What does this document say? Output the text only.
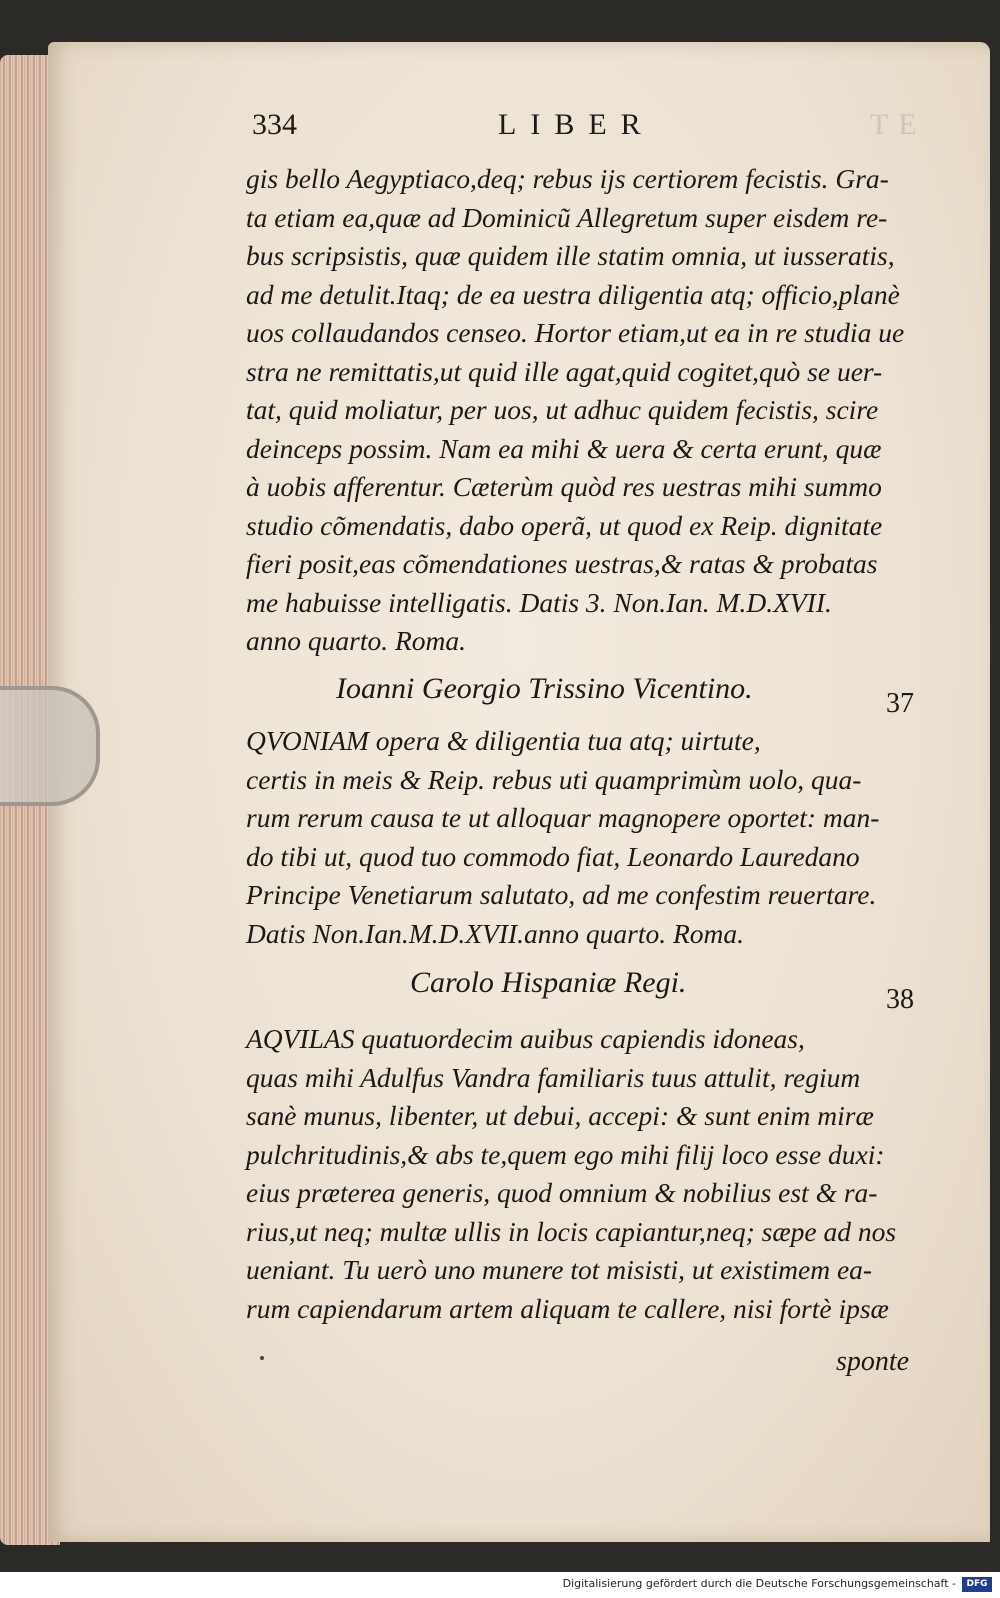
TE
334	LIBER
gis bello Aegyptiaco,deq; rebus ijs certiorem fecistis. Gra-
ta etiam ea,quæ ad Dominicũ Allegretum super eisdem re-
bus scripsistis, quæ quidem ille statim omnia, ut iusseratis,
ad me detulit.Itaq; de ea uestra diligentia atq; officio,planè
uos collaudandos censeo. Hortor etiam,ut ea in re studia ue
stra ne remittatis,ut quid ille agat,quid cogitet,quò se uer-
tat, quid moliatur, per uos, ut adhuc quidem fecistis, scire
deinceps possim. Nam ea mihi & uera & certa erunt, quæ
à uobis afferentur. Cæterùm quòd res uestras mihi summo
studio cõmendatis, dabo operã, ut quod ex Reip. dignitate
fieri posit,eas cõmendationes uestras,& ratas & probatas
me habuisse intelligatis. Datis 3. Non.Ian. M.D.XVII.
anno quarto. Roma.
Ioanni Georgio Trissino Vicentino.	37
QVONIAM opera & diligentia tua atq; uirtute,
certis in meis & Reip. rebus uti quamprimùm uolo, qua-
rum rerum causa te ut alloquar magnopere oportet: man-
do tibi ut, quod tuo commodo fiat, Leonardo Lauredano
Principe Venetiarum salutato, ad me confestim reuertare.
Datis Non.Ian.M.D.XVII.anno quarto. Roma.
Carolo Hispaniæ Regi.
38
AQVILAS quatuordecim auibus capiendis idoneas,
quas mihi Adulfus Vandra familiaris tuus attulit, regium
sanè munus, libenter, ut debui, accepi: & sunt enim miræ
pulchritudinis,& abs te,quem ego mihi filij loco esse duxi:
eius præterea generis, quod omnium & nobilius est & ra-
rius,ut neq; multæ ullis in locis capiantur,neq; sæpe ad nos
ueniant. Tu uerò uno munere tot misisti, ut existimem ea-
rum capiendarum artem aliquam te callere, nisi fortè ipsæ
sponte
Digitalisierung gefördert durch die Deutsche Forschungsgemeinschaft -	DFG
